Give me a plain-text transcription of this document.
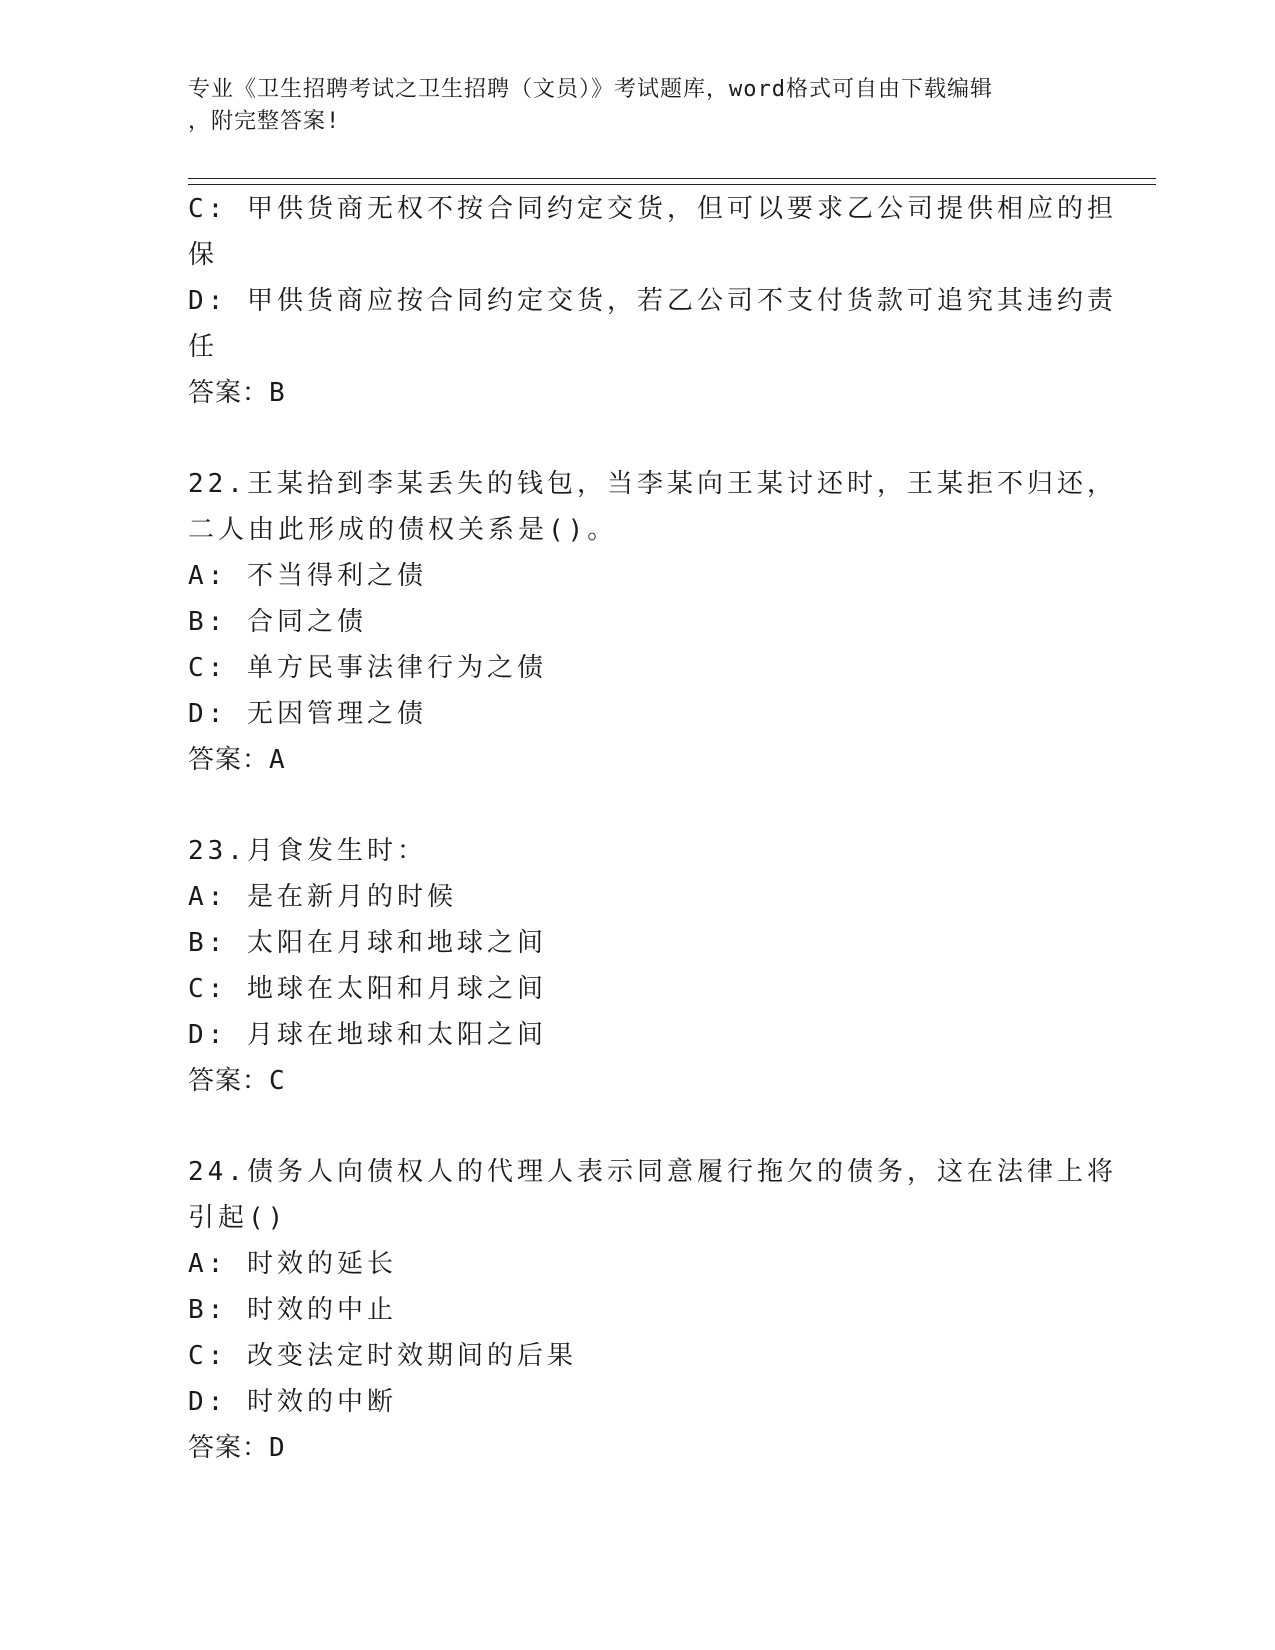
专业《卫生招聘考试之卫生招聘（文员）》考试题库，word格式可自由下载编辑
，附完整答案!
C: 甲供货商无权不按合同约定交货，但可以要求乙公司提供相应的担
保
D: 甲供货商应按合同约定交货，若乙公司不支付货款可追究其违约责
任
答案：B
22.王某拾到李某丢失的钱包，当李某向王某讨还时，王某拒不归还，
二人由此形成的债权关系是()。
A: 不当得利之债
B: 合同之债
C: 单方民事法律行为之债
D: 无因管理之债
答案：A
23.月食发生时：
A: 是在新月的时候
B: 太阳在月球和地球之间
C: 地球在太阳和月球之间
D: 月球在地球和太阳之间
答案：C
24.债务人向债权人的代理人表示同意履行拖欠的债务，这在法律上将
引起()
A: 时效的延长
B: 时效的中止
C: 改变法定时效期间的后果
D: 时效的中断
答案：D
